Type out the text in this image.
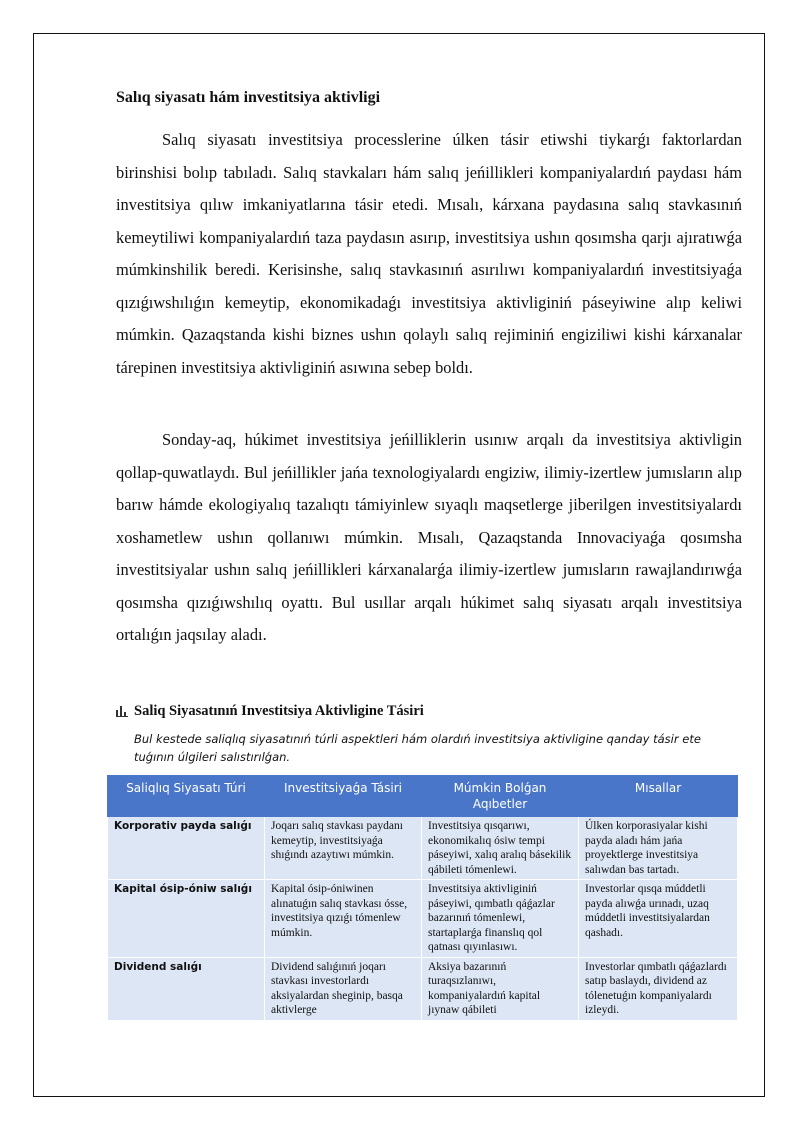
Salıq siyasatı hám investitsiya aktivligi

Salıq siyasatı investitsiya processlerine úlken tásir etiwshi tiykarǵı faktorlardan birinshisi bolıp tabıladı. Salıq stavkaları hám salıq jeńillikleri kompaniyalardıń paydası hám investitsiya qılıw imkaniyatlarına tásir etedi. Mısalı, kárxana paydasına salıq stavkasınıń kemeytiliwi kompaniyalardıń taza paydasın asırıp, investitsiya ushın qosımsha qarjı ajıratıwǵa múmkinshilik beredi. Kerisinshe, salıq stavkasınıń asırılıwı kompaniyalardıń investitsiyaǵa qızıǵıwshılıǵın kemeytip, ekonomikadaǵı investitsiya aktivliginiń páseyiwine alıp keliwi múmkin. Qazaqstanda kishi biznes ushın qolaylı salıq rejiminiń engiziliwi kishi kárxanalar tárepinen investitsiya aktivliginiń asıwına sebep boldı.

Sonday-aq, húkimet investitsiya jeńilliklerin usınıw arqalı da investitsiya aktivligin qollap-quwatlaydı. Bul jeńillikler jańa texnologiyalardı engiziw, ilimiy-izertlew jumısların alıp barıw hámde ekologiyalıq tazalıqtı támiyinlew sıyaqlı maqsetlerge jiberilgen investitsiyalardı xoshametlew ushın qollanıwı múmkin. Mısalı, Qazaqstanda Innovaciyaǵa qosımsha investitsiyalar ushın salıq jeńillikleri kárxanalarǵa ilimiy-izertlew jumısların rawajlandırıwǵa qosımsha qızıǵıwshılıq oyattı. Bul usıllar arqalı húkimet salıq siyasatı arqalı investitsiya ortalıǵın jaqsılay aladı.

Saliq Siyasatınıń Investitsiya Aktivligine Tásiri
Bul kestede saliqlıq siyasatınıń túrli aspektleri hám olardıń investitsiya aktivligine qanday tásir ete tuǵının úlgileri salıstırılǵan.
Saliqlıq Siyasatı Túri	Investitsiyaǵa Tásiri	Múmkin Bolǵan Aqıbetler	Mısallar
Korporativ payda salıǵı	Joqarı salıq stavkası paydanı kemeytip, investitsiyaǵa shıǵındı azaytıwı múmkin.	Investitsiya qısqarıwı, ekonomikalıq ósiw tempi páseyiwi, xalıq aralıq básekilik qábileti tómenlewi.	Úlken korporasiyalar kishi payda aladı hám jańa proyektlerge investitsiya salıwdan bas tartadı.
Kapital ósip-óniw salıǵı	Kapital ósip-óniwinen alınatuǵın salıq stavkası ósse, investitsiya qızıǵı tómenlew múmkin.	Investitsiya aktivliginiń páseyiwi, qımbatlı qáǵazlar bazarınıń tómenlewi, startaplarǵa finanslıq qol qatnası qıyınlasıwı.	Investorlar qısqa múddetli payda alıwǵa urınadı, uzaq múddetli investitsiyalardan qashadı.
Dividend salıǵı	Dividend salıǵınıń joqarı stavkası investorlardı aksiyalardan sheginip, basqa aktivlerge	Aksiya bazarınıń turaqsızlanıwı, kompaniyalardıń kapital jıynaw qábileti	Investorlar qımbatlı qáǵazlardı satıp baslaydı, dividend az tólenetuǵın kompaniyalardı izleydi.
